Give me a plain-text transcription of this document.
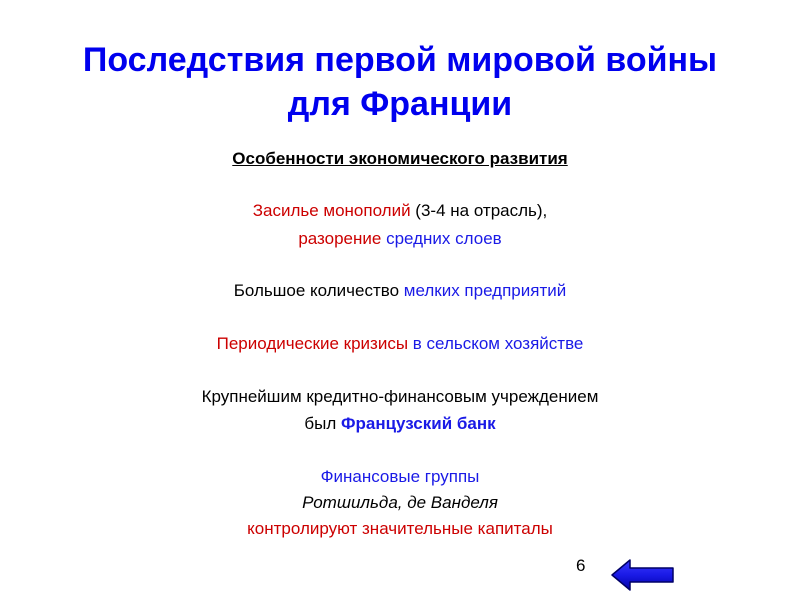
Последствия первой мировой войны
для Франции
Особенности экономического развития
Засилье монополий (3-4 на отрасль),
разорение средних слоев
Большое количество мелких предприятий
Периодические кризисы в сельском хозяйстве
Крупнейшим кредитно-финансовым учреждением
был Французский банк
Финансовые группы
Ротшильда, де Ванделя
контролируют значительные капиталы
6
